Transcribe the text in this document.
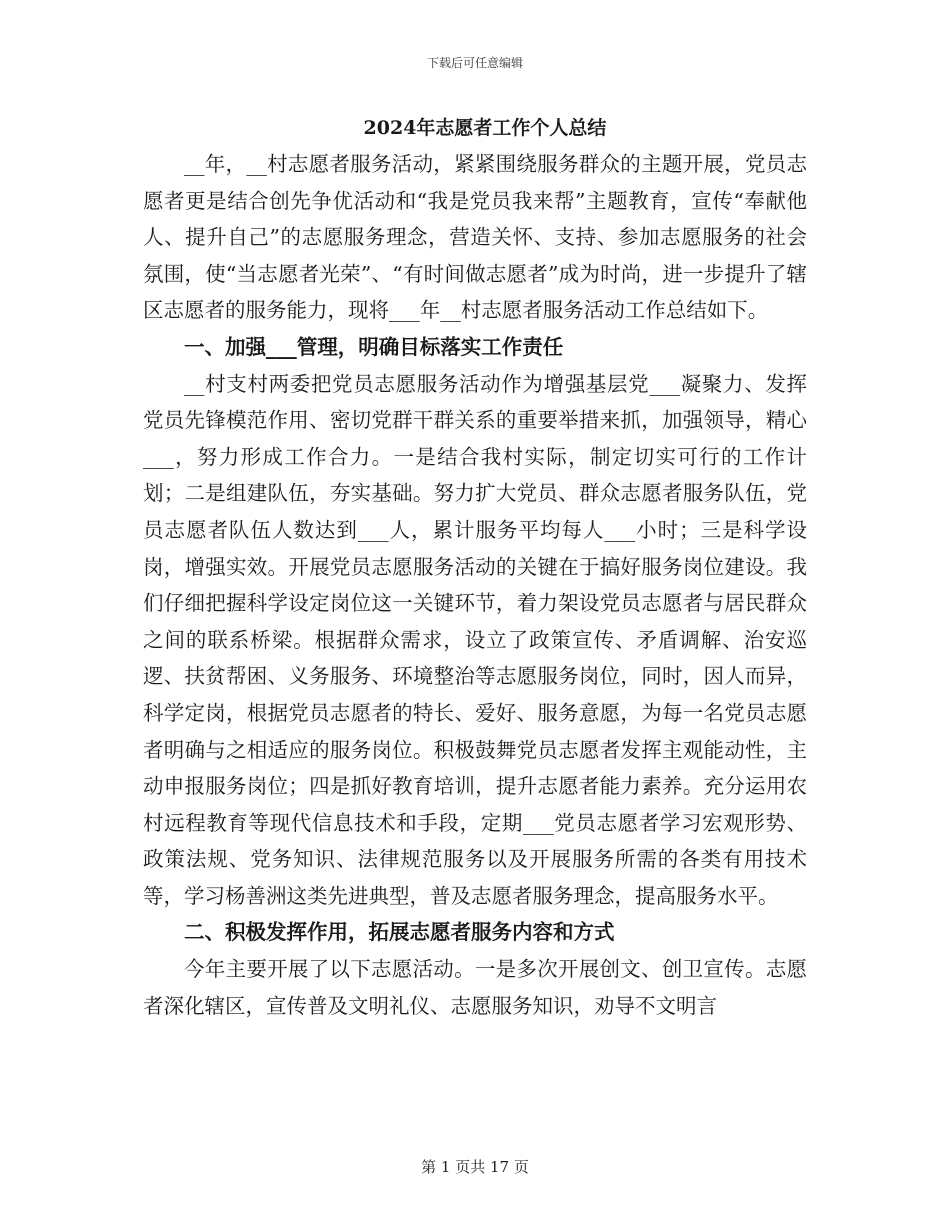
下载后可任意编辑
2024年志愿者工作个人总结

__年，__村志愿者服务活动，紧紧围绕服务群众的主题开展，党员志愿者更是结合创先争优活动和“我是党员我来帮”主题教育，宣传“奉献他人、提升自己”的志愿服务理念，营造关怀、支持、参加志愿服务的社会氛围，使“当志愿者光荣”、“有时间做志愿者”成为时尚，进一步提升了辖区志愿者的服务能力，现将___年__村志愿者服务活动工作总结如下。

一、加强___管理，明确目标落实工作责任

__村支村两委把党员志愿服务活动作为增强基层党___凝聚力、发挥党员先锋模范作用、密切党群干群关系的重要举措来抓，加强领导，精心___，努力形成工作合力。一是结合我村实际，制定切实可行的工作计划；二是组建队伍，夯实基础。努力扩大党员、群众志愿者服务队伍，党员志愿者队伍人数达到___人，累计服务平均每人___小时；三是科学设岗，增强实效。开展党员志愿服务活动的关键在于搞好服务岗位建设。我们仔细把握科学设定岗位这一关键环节，着力架设党员志愿者与居民群众之间的联系桥梁。根据群众需求，设立了政策宣传、矛盾调解、治安巡逻、扶贫帮困、义务服务、环境整治等志愿服务岗位，同时，因人而异，科学定岗，根据党员志愿者的特长、爱好、服务意愿，为每一名党员志愿者明确与之相适应的服务岗位。积极鼓舞党员志愿者发挥主观能动性，主动申报服务岗位；四是抓好教育培训，提升志愿者能力素养。充分运用农村远程教育等现代信息技术和手段，定期___党员志愿者学习宏观形势、政策法规、党务知识、法律规范服务以及开展服务所需的各类有用技术等，学习杨善洲这类先进典型，普及志愿者服务理念，提高服务水平。

二、积极发挥作用，拓展志愿者服务内容和方式

今年主要开展了以下志愿活动。一是多次开展创文、创卫宣传。志愿者深化辖区，宣传普及文明礼仪、志愿服务知识，劝导不文明言

第 1 页共 17 页
